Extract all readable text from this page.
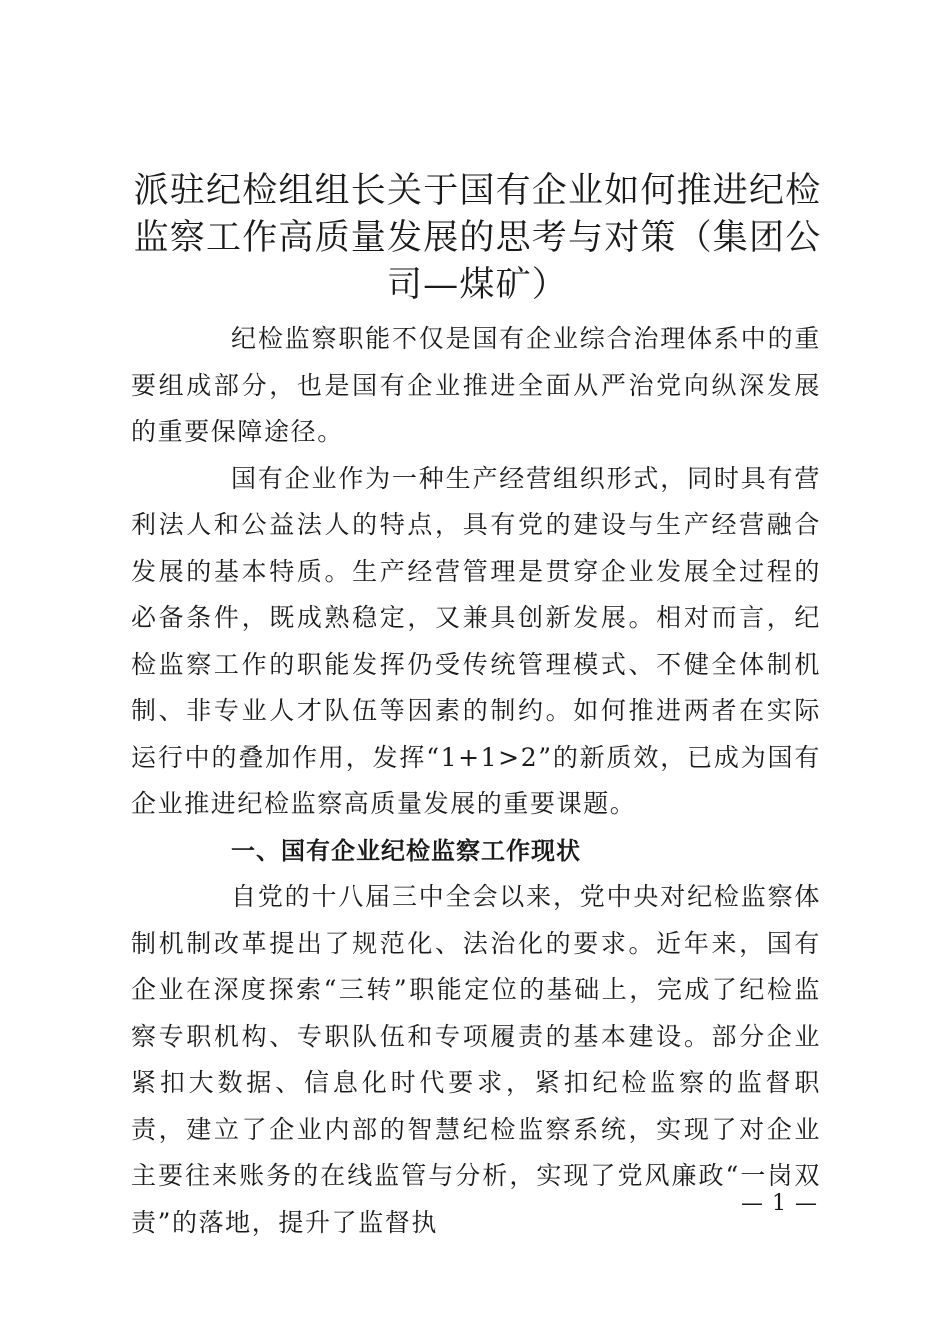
派驻纪检组组长关于国有企业如何推进纪检监察工作高质量发展的思考与对策（集团公司—煤矿）

纪检监察职能不仅是国有企业综合治理体系中的重要组成部分，也是国有企业推进全面从严治党向纵深发展的重要保障途径。

国有企业作为一种生产经营组织形式，同时具有营利法人和公益法人的特点，具有党的建设与生产经营融合发展的基本特质。生产经营管理是贯穿企业发展全过程的必备条件，既成熟稳定，又兼具创新发展。相对而言，纪检监察工作的职能发挥仍受传统管理模式、不健全体制机制、非专业人才队伍等因素的制约。如何推进两者在实际运行中的叠加作用，发挥“1+1>2”的新质效，已成为国有企业推进纪检监察高质量发展的重要课题。

一、国有企业纪检监察工作现状

自党的十八届三中全会以来，党中央对纪检监察体制机制改革提出了规范化、法治化的要求。近年来，国有企业在深度探索“三转”职能定位的基础上，完成了纪检监察专职机构、专职队伍和专项履责的基本建设。部分企业紧扣大数据、信息化时代要求，紧扣纪检监察的监督职责，建立了企业内部的智慧纪检监察系统，实现了对企业主要往来账务的在线监管与分析，实现了党风廉政“一岗双责”的落地，提升了监督执

— 1 —
